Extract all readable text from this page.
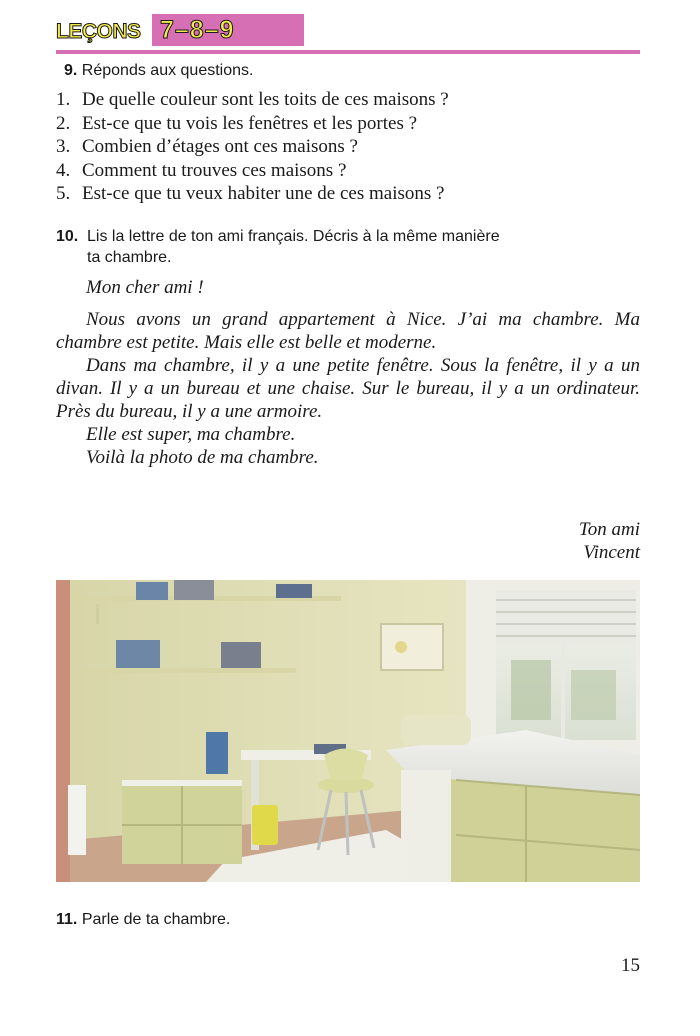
LEÇONS 7–8–9
9. Réponds aux questions.
1. De quelle couleur sont les toits de ces maisons ?
2. Est-ce que tu vois les fenêtres et les portes ?
3. Combien d’étages ont ces maisons ?
4. Comment tu trouves ces maisons ?
5. Est-ce que tu veux habiter une de ces maisons ?
10. Lis la lettre de ton ami français. Décris à la même manière
ta chambre.

Mon cher ami !

Nous avons un grand appartement à Nice. J’ai ma chambre. Ma chambre est petite. Mais elle est belle et moderne.

Dans ma chambre, il y a une petite fenêtre. Sous la fenêtre, il y a un divan. Il y a un bureau et une chaise. Sur le bureau, il y a un ordinateur. Près du bureau, il y a une armoire.

Elle est super, ma chambre.

Voilà la photo de ma chambre.

Ton ami
Vincent
11. Parle de ta chambre.
15
